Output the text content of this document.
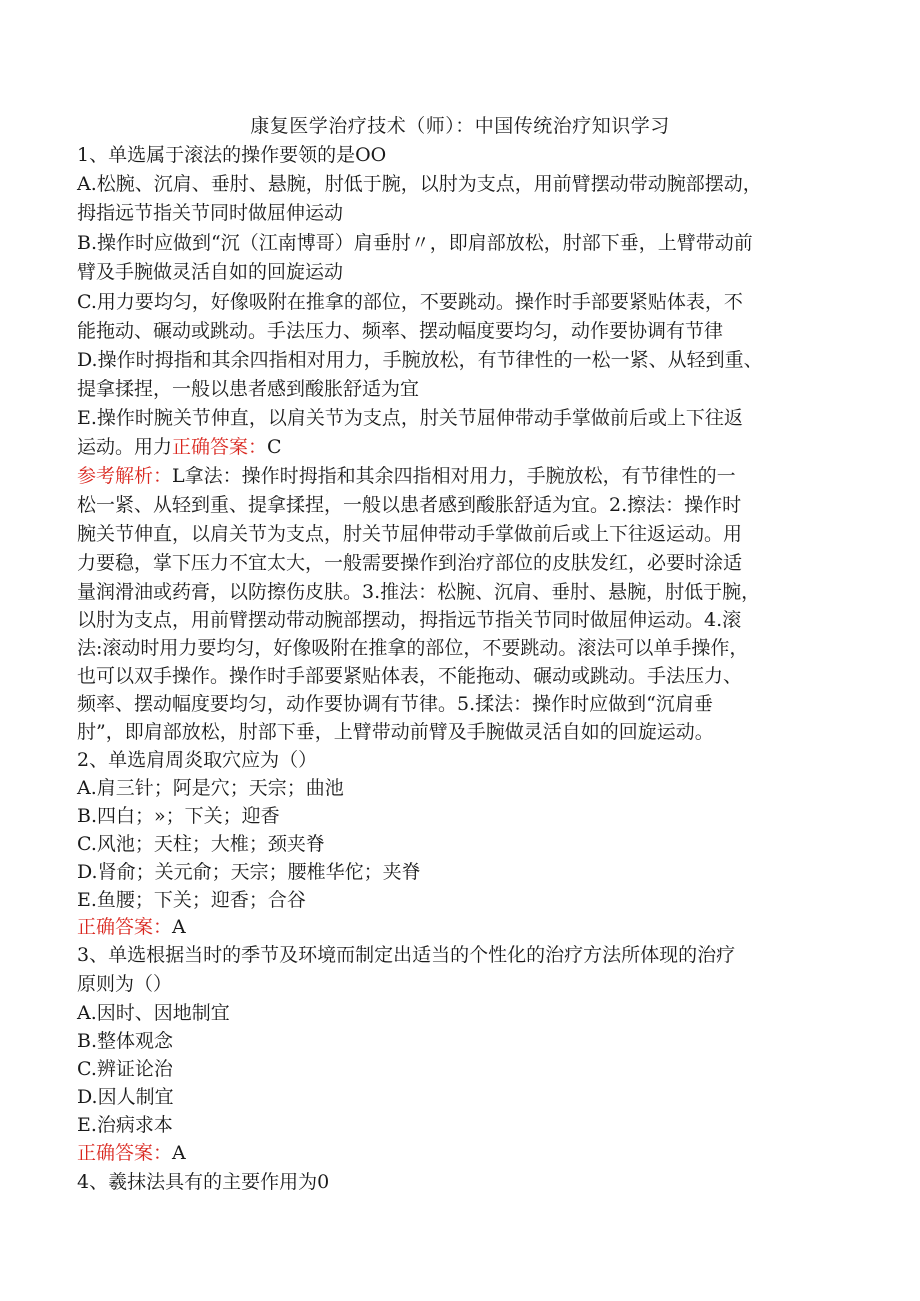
康复医学治疗技术（师）：中国传统治疗知识学习
1、单选属于滚法的操作要领的是OO
A.松腕、沉肩、垂肘、悬腕，肘低于腕，以肘为支点，用前臂摆动带动腕部摆动，
拇指远节指关节同时做屈伸运动
B.操作时应做到“沉（江南博哥）肩垂肘〃，即肩部放松，肘部下垂，上臂带动前
臂及手腕做灵活自如的回旋运动
C.用力要均匀，好像吸附在推拿的部位，不要跳动。操作时手部要紧贴体表，不
能拖动、碾动或跳动。手法压力、频率、摆动幅度要均匀，动作要协调有节律
D.操作时拇指和其余四指相对用力，手腕放松，有节律性的一松一紧、从轻到重、
提拿揉捏，一般以患者感到酸胀舒适为宜
E.操作时腕关节伸直，以肩关节为支点，肘关节屈伸带动手掌做前后或上下往返
运动。用力正确答案：C
参考解析：L拿法：操作时拇指和其余四指相对用力，手腕放松，有节律性的一
松一紧、从轻到重、提拿揉捏，一般以患者感到酸胀舒适为宜。2.擦法：操作时
腕关节伸直，以肩关节为支点，肘关节屈伸带动手掌做前后或上下往返运动。用
力要稳，掌下压力不宜太大，一般需要操作到治疗部位的皮肤发红，必要时涂适
量润滑油或药膏，以防擦伤皮肤。3.推法：松腕、沉肩、垂肘、悬腕，肘低于腕，
以肘为支点，用前臂摆动带动腕部摆动，拇指远节指关节同时做屈伸运动。4.滚
法:滚动时用力要均匀，好像吸附在推拿的部位，不要跳动。滚法可以单手操作，
也可以双手操作。操作时手部要紧贴体表，不能拖动、碾动或跳动。手法压力、
频率、摆动幅度要均匀，动作要协调有节律。5.揉法：操作时应做到“沉肩垂
肘”，即肩部放松，肘部下垂，上臂带动前臂及手腕做灵活自如的回旋运动。
2、单选肩周炎取穴应为（）
A.肩三针；阿是穴；天宗；曲池
B.四白；»；下关；迎香
C.风池；天柱；大椎；颈夹脊
D.肾俞；关元俞；天宗；腰椎华佗；夹脊
E.鱼腰；下关；迎香；合谷
正确答案：A
3、单选根据当时的季节及环境而制定出适当的个性化的治疗方法所体现的治疗
原则为（）
A.因时、因地制宜
B.整体观念
C.辨证论治
D.因人制宜
E.治病求本
正确答案：A
4、羲抹法具有的主要作用为0
